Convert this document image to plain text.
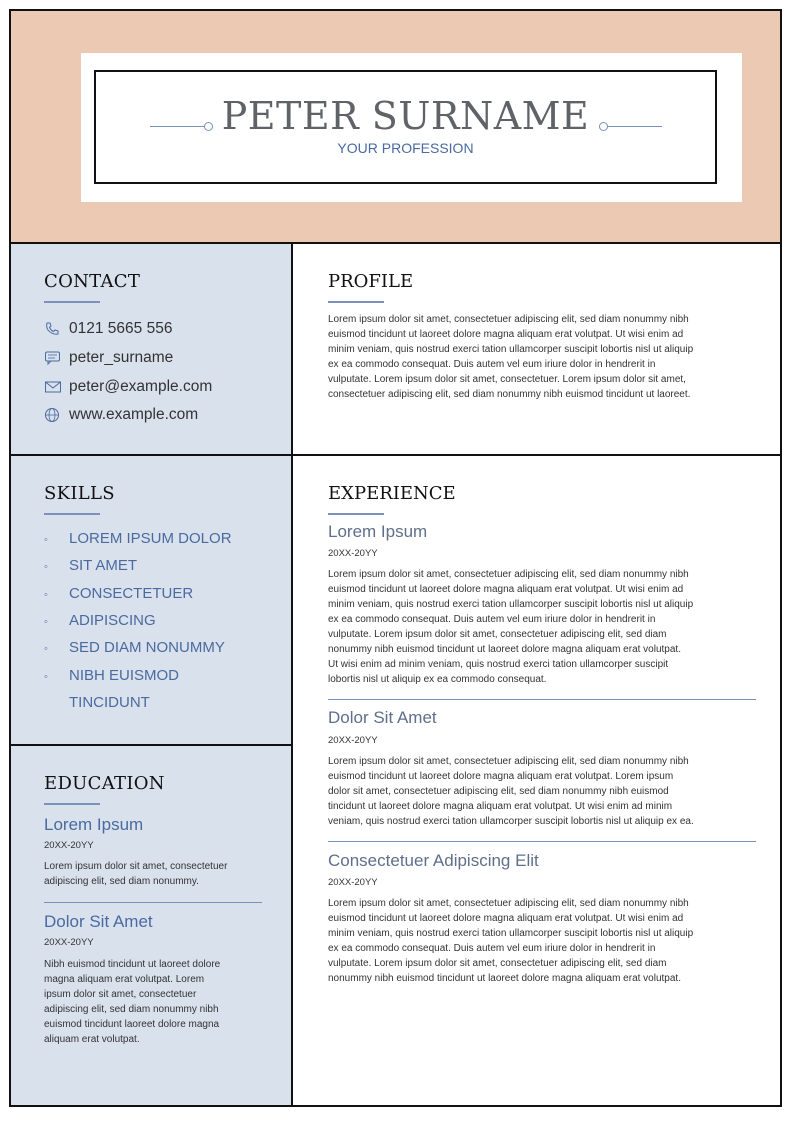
PETER SURNAME
YOUR PROFESSION
CONTACT
0121 5665 556
peter_surname
peter@example.com
www.example.com
SKILLS
◦ LOREM IPSUM DOLOR
◦ SIT AMET
◦ CONSECTETUER
◦ ADIPISCING
◦ SED DIAM NONUMMY
◦ NIBH EUISMOD
TINCIDUNT
EDUCATION
Lorem Ipsum
20XX-20YY
Lorem ipsum dolor sit amet, consectetuer
adipiscing elit, sed diam nonummy.
Dolor Sit Amet
20XX-20YY
Nibh euismod tincidunt ut laoreet dolore
magna aliquam erat volutpat. Lorem
ipsum dolor sit amet, consectetuer
adipiscing elit, sed diam nonummy nibh
euismod tincidunt laoreet dolore magna
aliquam erat volutpat.
PROFILE
Lorem ipsum dolor sit amet, consectetuer adipiscing elit, sed diam nonummy nibh
euismod tincidunt ut laoreet dolore magna aliquam erat volutpat. Ut wisi enim ad
minim veniam, quis nostrud exerci tation ullamcorper suscipit lobortis nisl ut aliquip
ex ea commodo consequat. Duis autem vel eum iriure dolor in hendrerit in
vulputate. Lorem ipsum dolor sit amet, consectetuer. Lorem ipsum dolor sit amet,
consectetuer adipiscing elit, sed diam nonummy nibh euismod tincidunt ut laoreet.
EXPERIENCE
Lorem Ipsum
20XX-20YY
Lorem ipsum dolor sit amet, consectetuer adipiscing elit, sed diam nonummy nibh
euismod tincidunt ut laoreet dolore magna aliquam erat volutpat. Ut wisi enim ad
minim veniam, quis nostrud exerci tation ullamcorper suscipit lobortis nisl ut aliquip
ex ea commodo consequat. Duis autem vel eum iriure dolor in hendrerit in
vulputate. Lorem ipsum dolor sit amet, consectetuer adipiscing elit, sed diam
nonummy nibh euismod tincidunt ut laoreet dolore magna aliquam erat volutpat.
Ut wisi enim ad minim veniam, quis nostrud exerci tation ullamcorper suscipit
lobortis nisl ut aliquip ex ea commodo consequat.
Dolor Sit Amet
20XX-20YY
Lorem ipsum dolor sit amet, consectetuer adipiscing elit, sed diam nonummy nibh
euismod tincidunt ut laoreet dolore magna aliquam erat volutpat. Lorem ipsum
dolor sit amet, consectetuer adipiscing elit, sed diam nonummy nibh euismod
tincidunt ut laoreet dolore magna aliquam erat volutpat. Ut wisi enim ad minim
veniam, quis nostrud exerci tation ullamcorper suscipit lobortis nisl ut aliquip ex ea.
Consectetuer Adipiscing Elit
20XX-20YY
Lorem ipsum dolor sit amet, consectetuer adipiscing elit, sed diam nonummy nibh
euismod tincidunt ut laoreet dolore magna aliquam erat volutpat. Ut wisi enim ad
minim veniam, quis nostrud exerci tation ullamcorper suscipit lobortis nisl ut aliquip
ex ea commodo consequat. Duis autem vel eum iriure dolor in hendrerit in
vulputate. Lorem ipsum dolor sit amet, consectetuer adipiscing elit, sed diam
nonummy nibh euismod tincidunt ut laoreet dolore magna aliquam erat volutpat.
